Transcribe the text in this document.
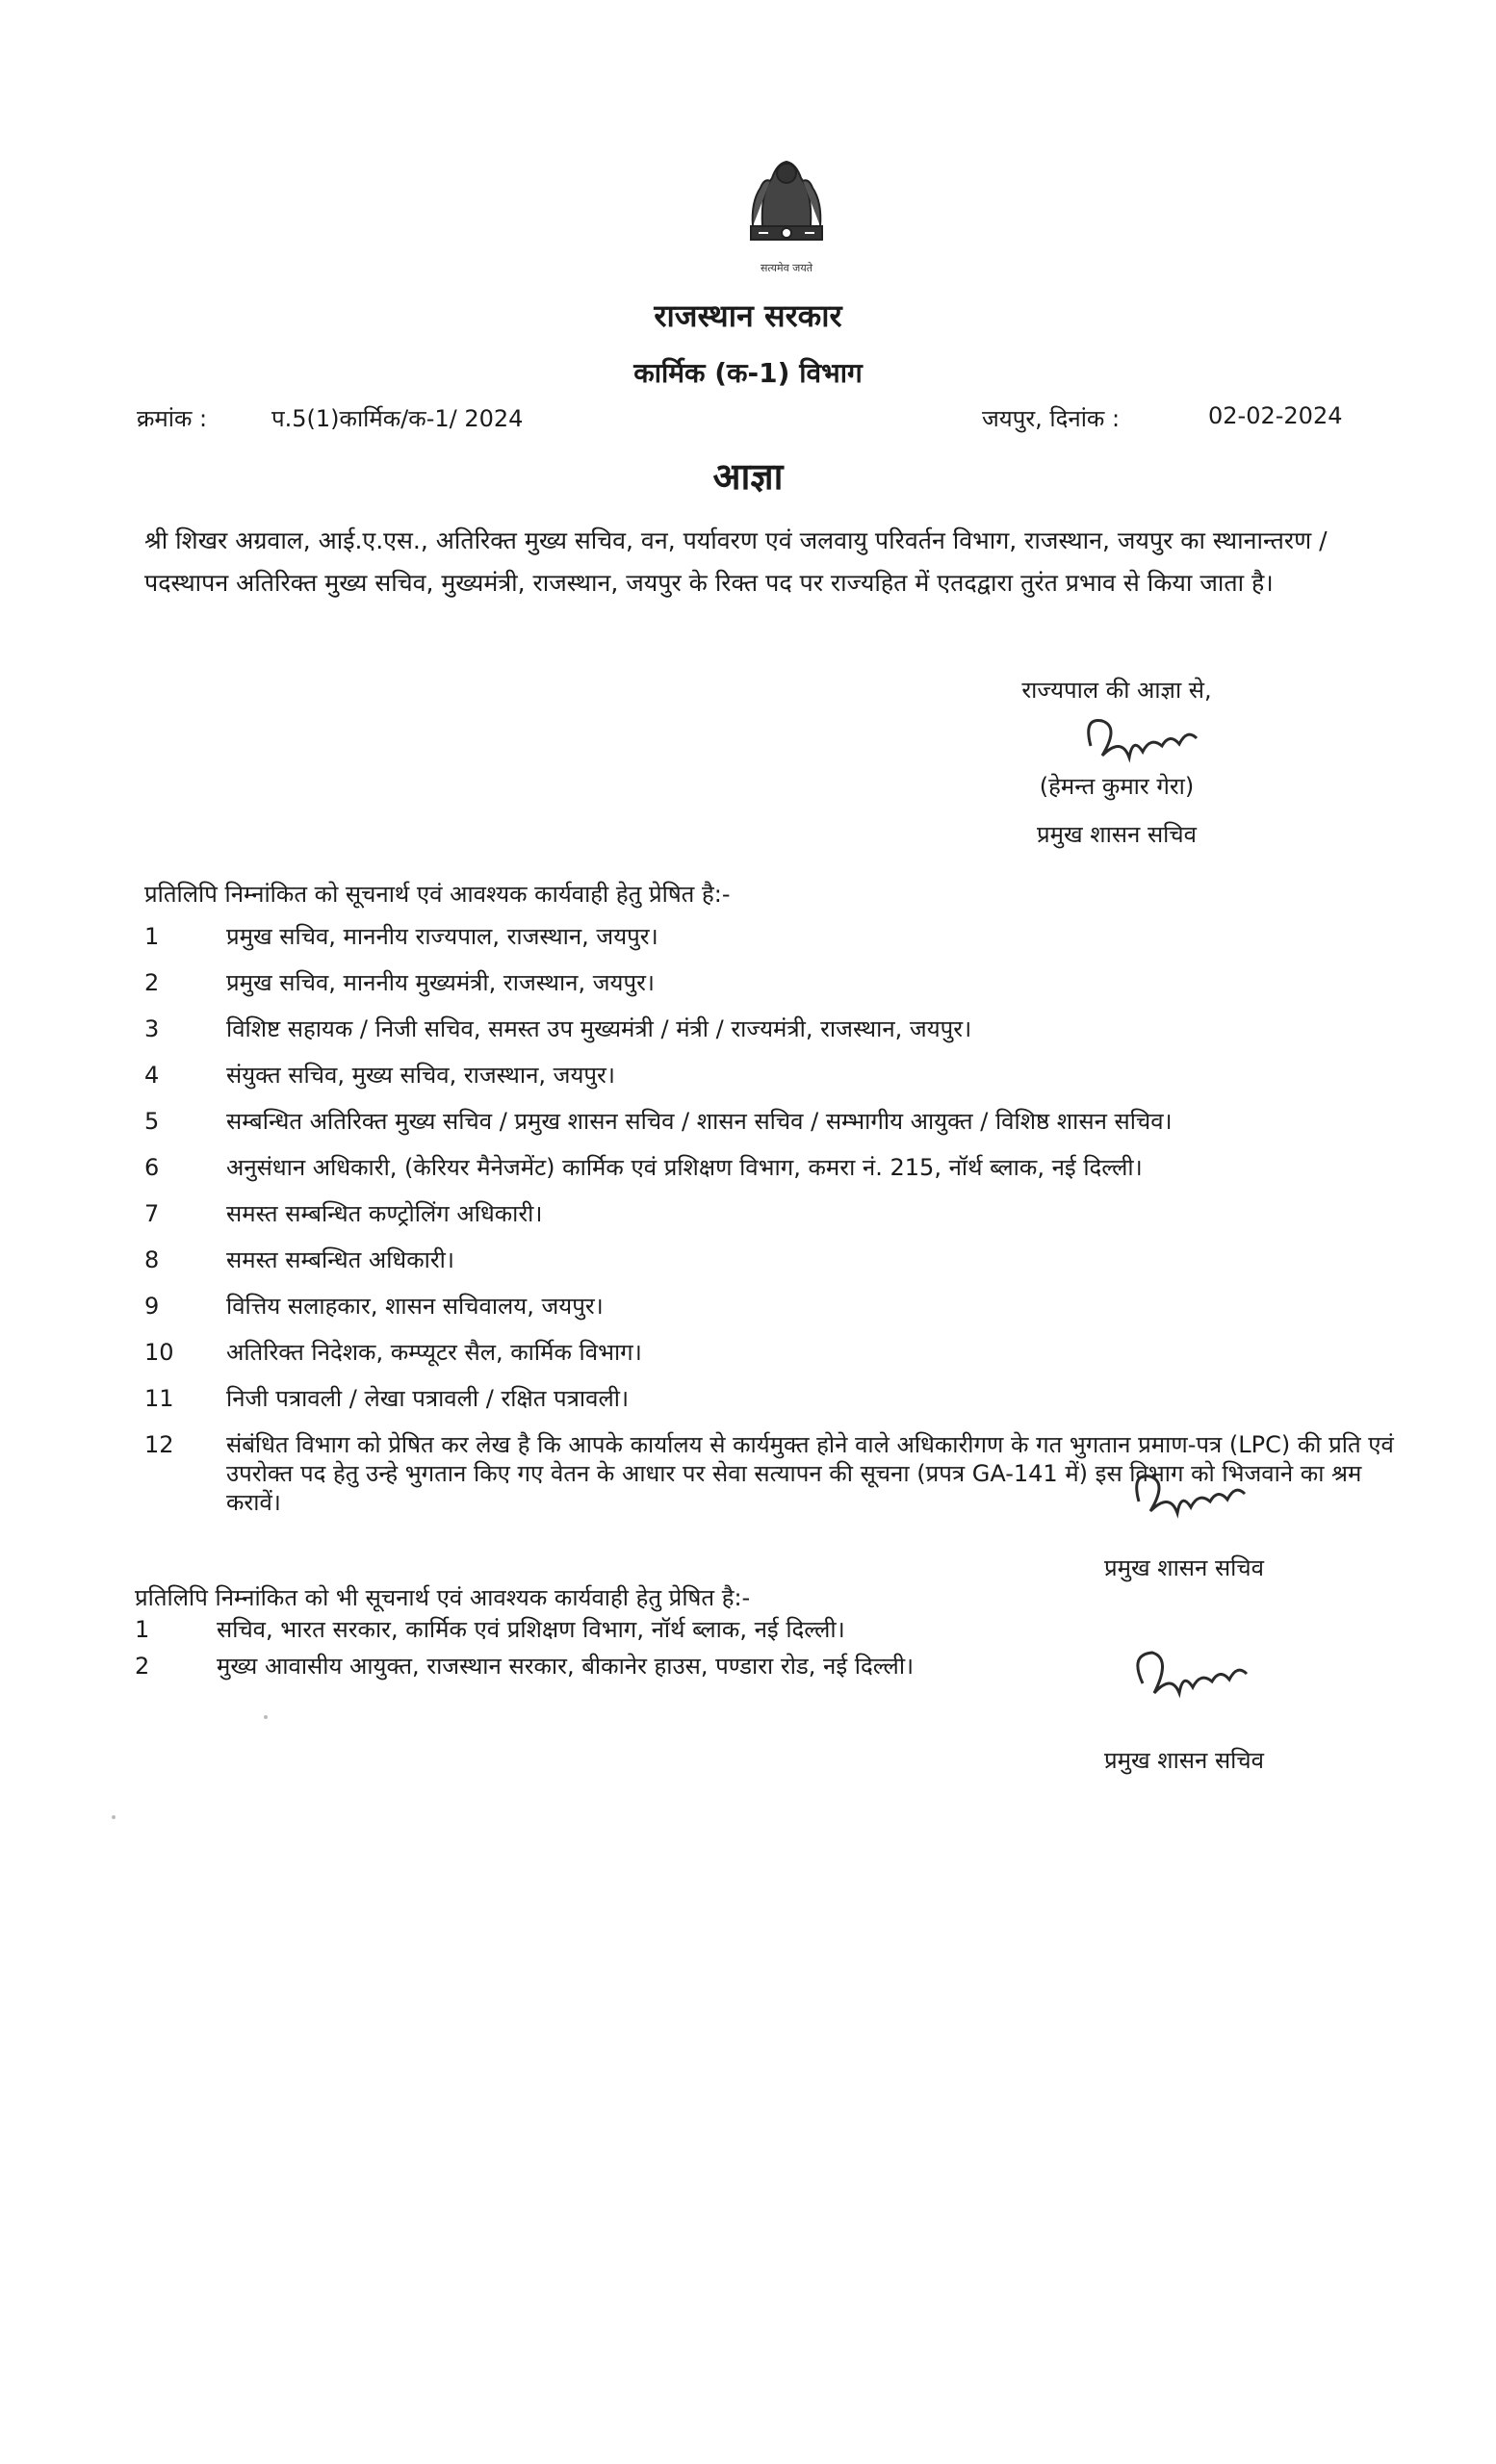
सत्यमेव जयते
राजस्थान सरकार
कार्मिक (क-1) विभाग
क्रमांक :	प.5(1)कार्मिक/क-1/ 2024	जयपुर, दिनांक :	02-02-2024
आज्ञा
श्री शिखर अग्रवाल, आई.ए.एस., अतिरिक्त मुख्य सचिव, वन, पर्यावरण एवं जलवायु परिवर्तन विभाग, राजस्थान, जयपुर का स्थानान्तरण / पदस्थापन अतिरिक्त मुख्य सचिव, मुख्यमंत्री, राजस्थान, जयपुर के रिक्त पद पर राज्यहित में एतदद्वारा तुरंत प्रभाव से किया जाता है।
राज्यपाल की आज्ञा से,
(हेमन्त कुमार गेरा)
प्रमुख शासन सचिव
प्रतिलिपि निम्नांकित को सूचनार्थ एवं आवश्यक कार्यवाही हेतु प्रेषित है:-
1	प्रमुख सचिव, माननीय राज्यपाल, राजस्थान, जयपुर।
2	प्रमुख सचिव, माननीय मुख्यमंत्री, राजस्थान, जयपुर।
3	विशिष्ट सहायक / निजी सचिव, समस्त उप मुख्यमंत्री / मंत्री / राज्यमंत्री, राजस्थान, जयपुर।
4	संयुक्त सचिव, मुख्य सचिव, राजस्थान, जयपुर।
5	सम्बन्धित अतिरिक्त मुख्य सचिव / प्रमुख शासन सचिव / शासन सचिव / सम्भागीय आयुक्त / विशिष्ठ शासन सचिव।
6	अनुसंधान अधिकारी, (केरियर मैनेजमेंट) कार्मिक एवं प्रशिक्षण विभाग, कमरा नं. 215, नॉर्थ ब्लाक, नई दिल्ली।
7	समस्त सम्बन्धित कण्ट्रोलिंग अधिकारी।
8	समस्त सम्बन्धित अधिकारी।
9	वित्तिय सलाहकार, शासन सचिवालय, जयपुर।
10 अतिरिक्त निदेशक, कम्प्यूटर सैल, कार्मिक विभाग।
11 निजी पत्रावली / लेखा पत्रावली / रक्षित पत्रावली।
12 संबंधित विभाग को प्रेषित कर लेख है कि आपके कार्यालय से कार्यमुक्त होने वाले अधिकारीगण के गत भुगतान प्रमाण-पत्र (LPC) की प्रति एवं उपरोक्त पद हेतु उन्हे भुगतान किए गए वेतन के आधार पर सेवा सत्यापन की सूचना (प्रपत्र GA-141 में) इस विभाग को भिजवाने का श्रम करावें।
प्रमुख शासन सचिव
प्रतिलिपि निम्नांकित को भी सूचनार्थ एवं आवश्यक कार्यवाही हेतु प्रेषित है:-
1	सचिव, भारत सरकार, कार्मिक एवं प्रशिक्षण विभाग, नॉर्थ ब्लाक, नई दिल्ली।
2	मुख्य आवासीय आयुक्त, राजस्थान सरकार, बीकानेर हाउस, पण्डारा रोड, नई दिल्ली।
प्रमुख शासन सचिव
